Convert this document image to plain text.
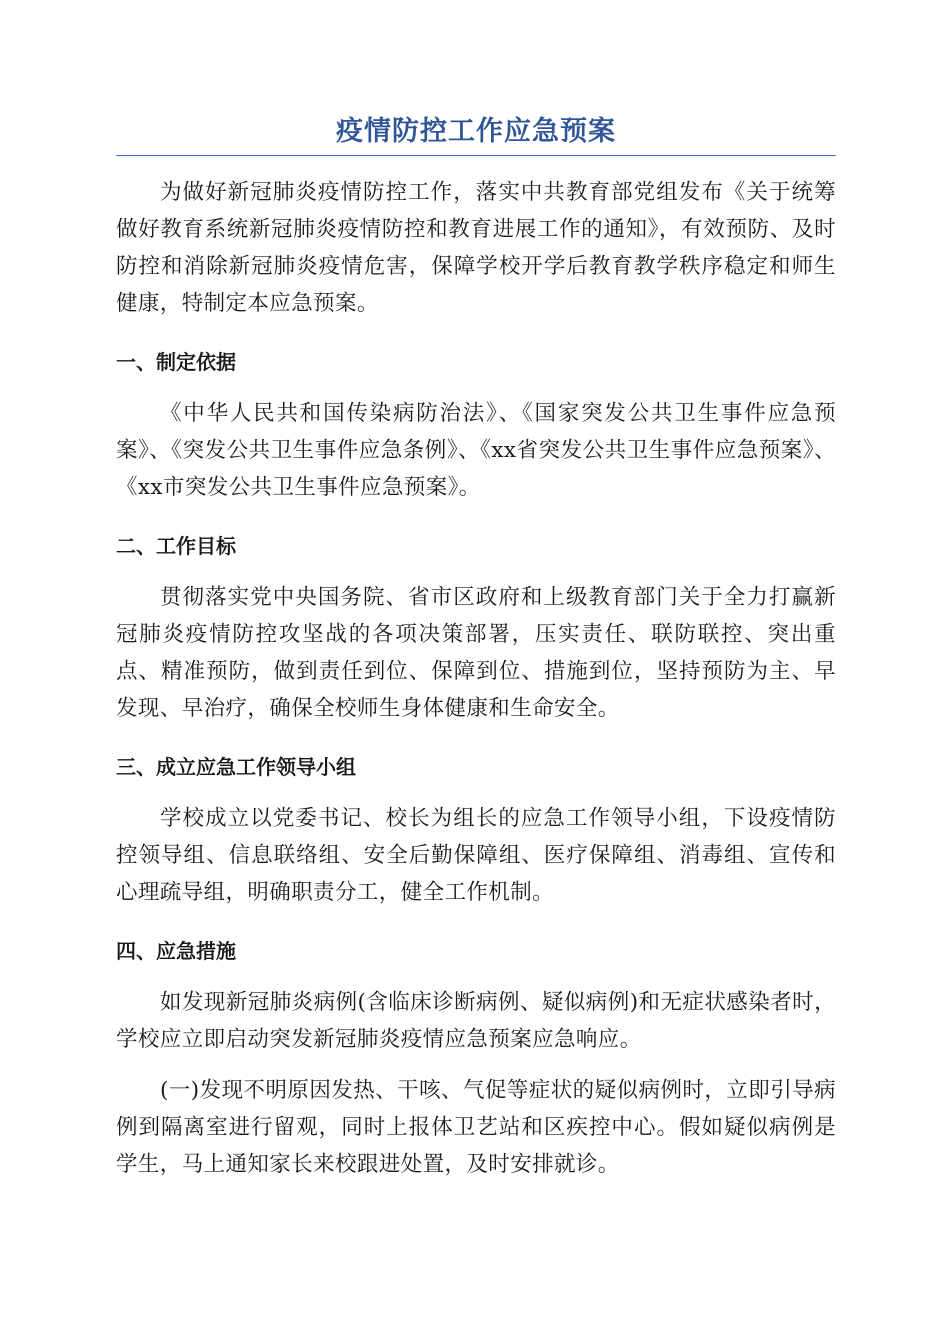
疫情防控工作应急预案

为做好新冠肺炎疫情防控工作，落实中共教育部党组发布《关于统筹做好教育系统新冠肺炎疫情防控和教育进展工作的通知》，有效预防、及时防控和消除新冠肺炎疫情危害，保障学校开学后教育教学秩序稳定和师生健康，特制定本应急预案。

一、制定依据

《中华人民共和国传染病防治法》、《国家突发公共卫生事件应急预案》、《突发公共卫生事件应急条例》、《xx省突发公共卫生事件应急预案》、《xx市突发公共卫生事件应急预案》。

二、工作目标

贯彻落实党中央国务院、省市区政府和上级教育部门关于全力打赢新冠肺炎疫情防控攻坚战的各项决策部署，压实责任、联防联控、突出重点、精准预防，做到责任到位、保障到位、措施到位，坚持预防为主、早发现、早治疗，确保全校师生身体健康和生命安全。

三、成立应急工作领导小组

学校成立以党委书记、校长为组长的应急工作领导小组，下设疫情防控领导组、信息联络组、安全后勤保障组、医疗保障组、消毒组、宣传和心理疏导组，明确职责分工，健全工作机制。

四、应急措施

如发现新冠肺炎病例(含临床诊断病例、疑似病例)和无症状感染者时，学校应立即启动突发新冠肺炎疫情应急预案应急响应。

(一)发现不明原因发热、干咳、气促等症状的疑似病例时，立即引导病例到隔离室进行留观，同时上报体卫艺站和区疾控中心。假如疑似病例是学生，马上通知家长来校跟进处置，及时安排就诊。
